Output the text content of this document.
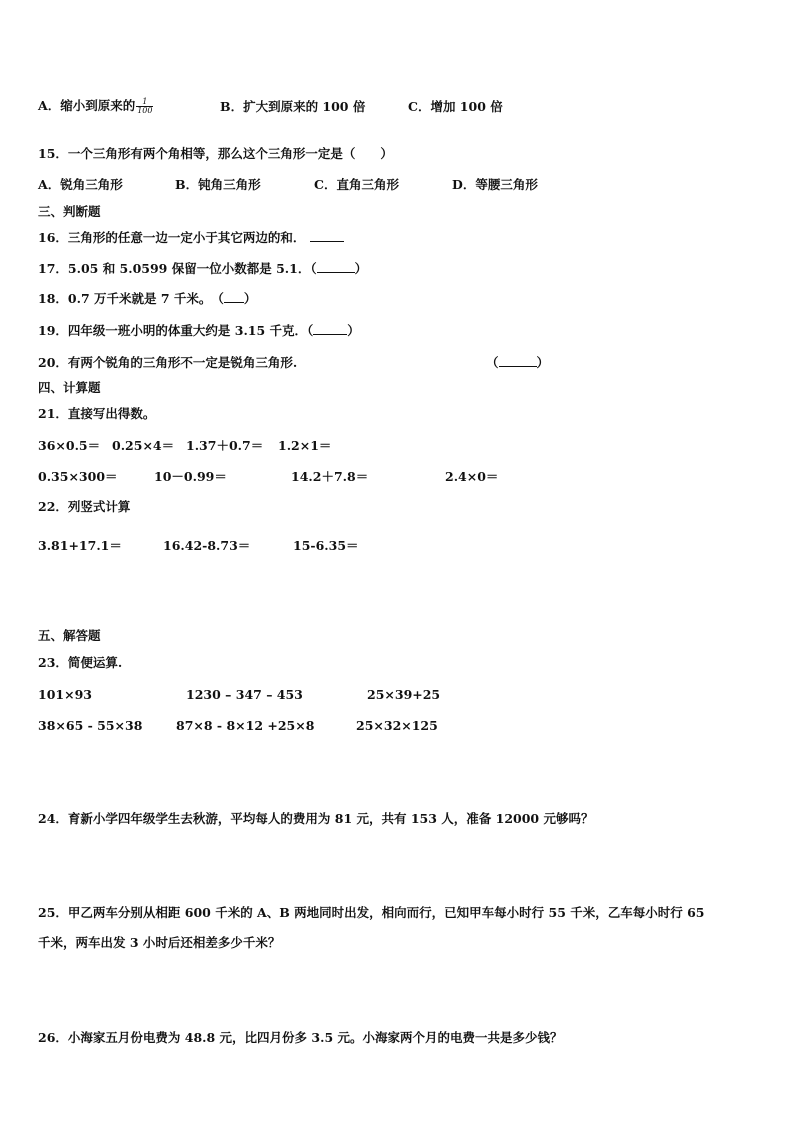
A．缩小到原来的 $\frac{1}{100}$	B．扩大到原来的 100 倍	C．增加 100 倍
15．一个三角形有两个角相等，那么这个三角形一定是（　　）
A．锐角三角形	B．钝角三角形	C．直角三角形	D．等腰三角形
三、判断题
16．三角形的任意一边一定小于其它两边的和．
17．5.05 和 5.0599 保留一位小数都是 5.1．（	）
18．0.7 万千米就是 7 千米。　（ ）
19．四年级一班小明的体重大约是 3.15 千克．（	）
20．有两个锐角的三角形不一定是锐角三角形.	（	）
四、计算题
21．直接写出得数。
36×0.5＝ 0.25×4＝ 1.37＋0.7＝ 1.2×1＝
0.35×300＝	10－0.99＝	14.2＋7.8＝	2.4×0＝
22．列竖式计算
3.81+17.1＝	16.42-8.73＝	15-6.35＝
五、解答题
23．简便运算.
101×93	1230 – 347 – 453	25×39+25
38×65 - 55×38	87×8 - 8×12 +25×8	25×32×125
24．育新小学四年级学生去秋游，平均每人的费用为 81 元，共有 153 人，准备 12000 元够吗？
25．甲乙两车分别从相距 600 千米的 A、B 两地同时出发，相向而行，已知甲车每小时行 55 千米，乙车每小时行 65
千米，两车出发 3 小时后还相差多少千米？
26．小海家五月份电费为 48.8 元，比四月份多 3.5 元。小海家两个月的电费一共是多少钱？
